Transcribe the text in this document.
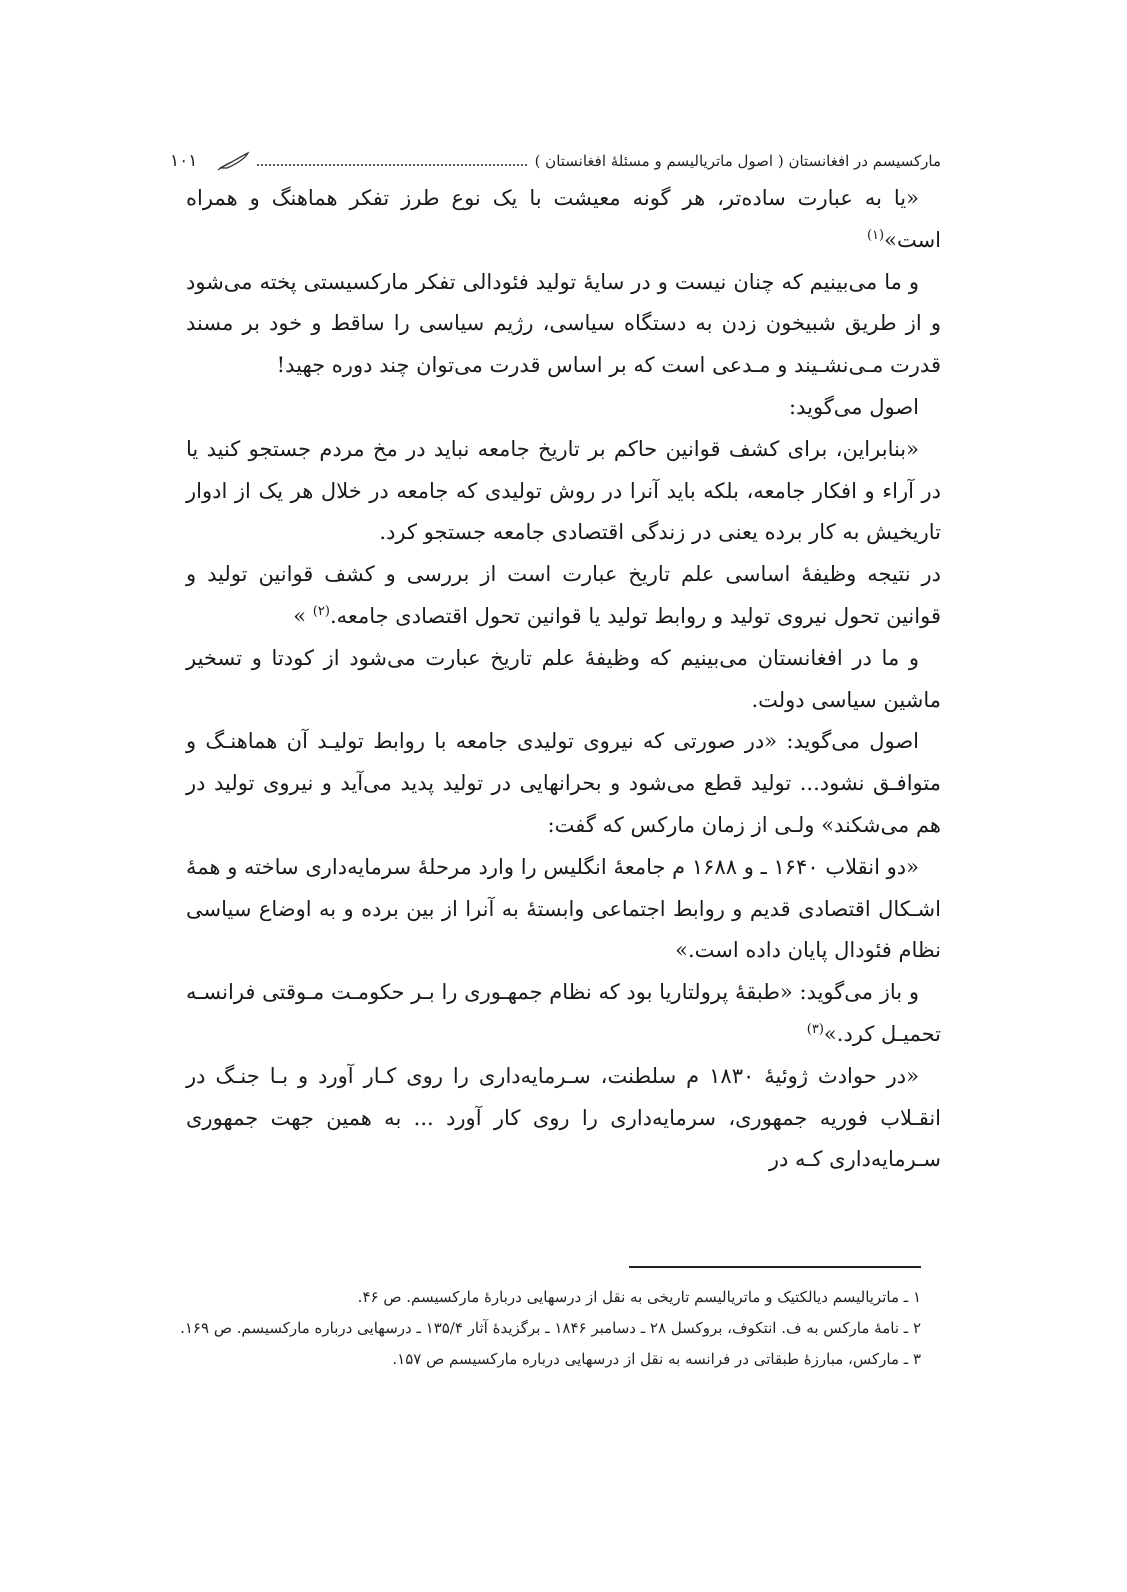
مارکسیسم در افغانستان ( اصول ماتریالیسم و مسئلهٔ افغانستان )
۱۰۱

«یا به عبارت ساده‌تر، هر گونه معیشت با یک نوع طرز تفکر هماهنگ و همراه است»$^{(۱)}$

و ما می‌بینیم که چنان نیست و در سایهٔ تولید فئودالی تفکر مارکسیستی پخته می‌شود و از طریق شبیخون زدن به دستگاه سیاسی، رژیم سیاسی را ساقط و خود بر مسند قدرت مـی‌نشـیند و مـدعی است که بر اساس قدرت می‌توان چند دوره جهید!

اصول می‌گوید:

«بنابراین، برای کشف قوانین حاکم بر تاریخ جامعه نباید در مخ مردم جستجو کنید یا در آراء و افکار جامعه، بلکه باید آنرا در روش تولیدی که جامعه در خلال هر یک از ادوار تاریخیش به کار برده یعنی در زندگی اقتصادی جامعه جستجو کرد.

در نتیجه وظیفهٔ اساسی علم تاریخ عبارت است از بررسی و کشف قوانین تولید و قوانین تحول نیروی تولید و روابط تولید یا قوانین تحول اقتصادی جامعه.$^{(۲)}$ »

و ما در افغانستان می‌بینیم که وظیفهٔ علم تاریخ عبارت می‌شود از کودتا و تسخیر ماشین سیاسی دولت.

اصول می‌گوید: «در صورتی که نیروی تولیدی جامعه با روابط تولیـد آن هماهنـگ و متوافـق نشود... تولید قطع می‌شود و بحرانهایی در تولید پدید می‌آید و نیروی تولید در هم می‌شکند» ولـی از زمان مارکس که گفت:

«دو انقلاب ۱۶۴۰ ـ و ۱۶۸۸ م جامعهٔ انگلیس را وارد مرحلهٔ سرمایه‌داری ساخته و همهٔ اشـکال اقتصادی قدیم و روابط اجتماعی وابستهٔ به آنرا از بین برده و به اوضاع سیاسی نظام فئودال پایان داده است.»

و باز می‌گوید: «طبقهٔ پرولتاریا بود که نظام جمهـوری را بـر حکومـت مـوقتی فرانسـه تحمیـل کرد.»$^{(۳)}$

«در حوادث ژوئیهٔ ۱۸۳۰ م سلطنت، سـرمایه‌داری را روی کـار آورد و بـا جنـگ در انقـلاب فوریه جمهوری، سرمایه‌داری را روی کار آورد ... به همین جهت جمهوری سـرمایه‌داری کـه در

۱ ـ ماتریالیسم دیالکتیک و ماتریالیسم تاریخی به نقل از درسهایی دربارهٔ مارکسیسم. ص ۴۶.
۲ ـ نامهٔ مارکس به ف. انتکوف، بروکسل ۲۸ ـ دسامبر ۱۸۴۶ ـ برگزیدهٔ آثار ۱۳۵/۴ ـ درسهایی درباره مارکسیسم. ص ۱۶۹.
۳ ـ مارکس، مبارزهٔ طبقاتی در فرانسه به نقل از درسهایی درباره مارکسیسم ص ۱۵۷.
